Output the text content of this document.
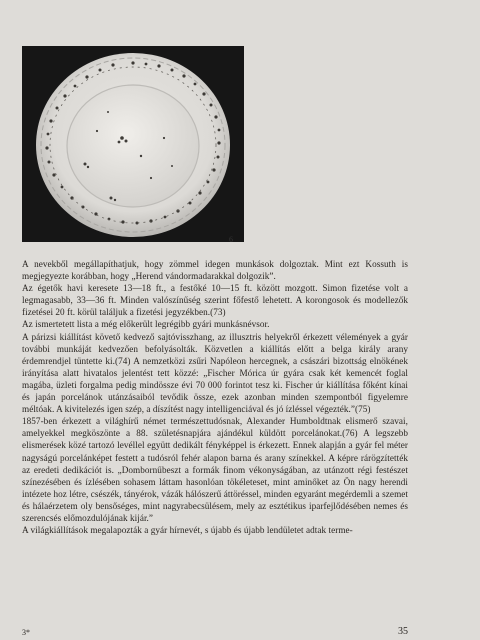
6

A nevekből megállapíthatjuk, hogy zömmel idegen munkások dolgoztak. Mint ezt Kossuth is megjegyezte korábban, hogy „Herend vándormadarakkal dolgozik”.

Az égetők havi keresete 13—18 ft., a festőké 10—15 ft. között mozgott. Simon fizetése volt a legmagasabb, 33—36 ft. Minden valószínűség szerint főfestő lehetett. A korongosok és modellezők fizetései 20 ft. körül találjuk a fizetési jegyzékben.(73)

Az ismertetett lista a még előkerült legrégibb gyári munkásnévsor.

A párizsi kiállítást követő kedvező sajtóvisszhang, az illusztris helyekről érkezett vélemények a gyár további munkáját kedvezően befolyásolták. Közvetlen a kiállítás előtt a belga király arany érdemrendjel tüntette ki.(74) A nemzetközi zsűri Napóleon hercegnek, a császári bizottság elnökének irányítása alatt hivatalos jelentést tett közzé: „Fischer Mórica úr gyára csak két kemencét foglal magába, üzleti forgalma pedig mindössze évi 70 000 forintot tesz ki. Fischer úr kiállítása főként kínai és japán porcelánok utánzásaiból tevődik össze, ezek azonban minden szempontból figyelemre méltóak. A kivitelezés igen szép, a díszítést nagy intelligenciával és jó ízléssel végezték.”(75)

1857-ben érkezett a világhírű német természettudósnak, Alexander Humboldtnak elismerő szavai, amelyekkel megköszönte a 88. születésnapjára ajándékul küldött porcelánokat.(76) A legszebb elismerések közé tartozó levéllel együtt dedikált fényképpel is érkezett. Ennek alapján a gyár fel méter nagyságú porcelánképet festett a tudósról fehér alapon barna és arany színekkel. A képre rárögzítették az eredeti dedikációt is. „Dombornűbeszt a formák finom vékonyságában, az utánzott régi festészet színezésében és ízlésében sohasem láttam hasonlóan tökéleteset, mint aminőket az Ön nagy herendi intézete hoz létre, csészék, tányérok, vázák hálószerű áttöréssel, minden egyaránt megérdemli a szemet és hálaérzetem oly bensőséges, mint nagyrabecsülésem, mely az esztétikus iparfejlődésében nemes és szerencsés előmozdulójának kijár.”

A világkiállítások megalapozták a gyár hírnevét, s újabb és újabb lendületet adtak terme-

3*	35
